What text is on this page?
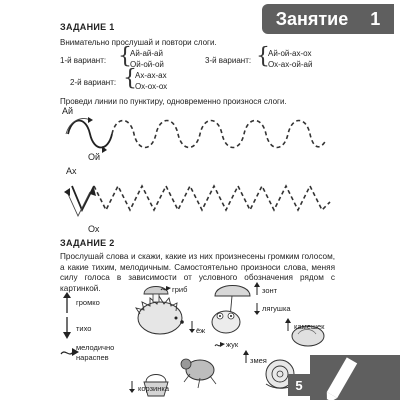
Занятие 1
ЗАДАНИЕ 1
Внимательно прослушай и повтори слоги.
1-й вариант: {
Ай-ай-ай
Ой-ой-ой	3-й вариант: {
Ай-ой-ах-ох
Ох-ах-ой-ай
2-й вариант: {
Ах-ах-ах
Ох-ох-ох
Проведи линии по пунктиру, одновременно произнося слоги.
Ай
Ой
Ах
Ох
ЗАДАНИЕ 2
Прослушай слова и скажи, какие из них произнесены громким голосом, а какие тихим, мелодичным. Самостоятельно произноси слова, меняя силу голоса в зависимости от условного обозначения рядом с картинкой.
громко
тихо
мелодично нараспев
гриб
ёж
зонт
лягушка
камешек
жук
змея
корзинка	5
